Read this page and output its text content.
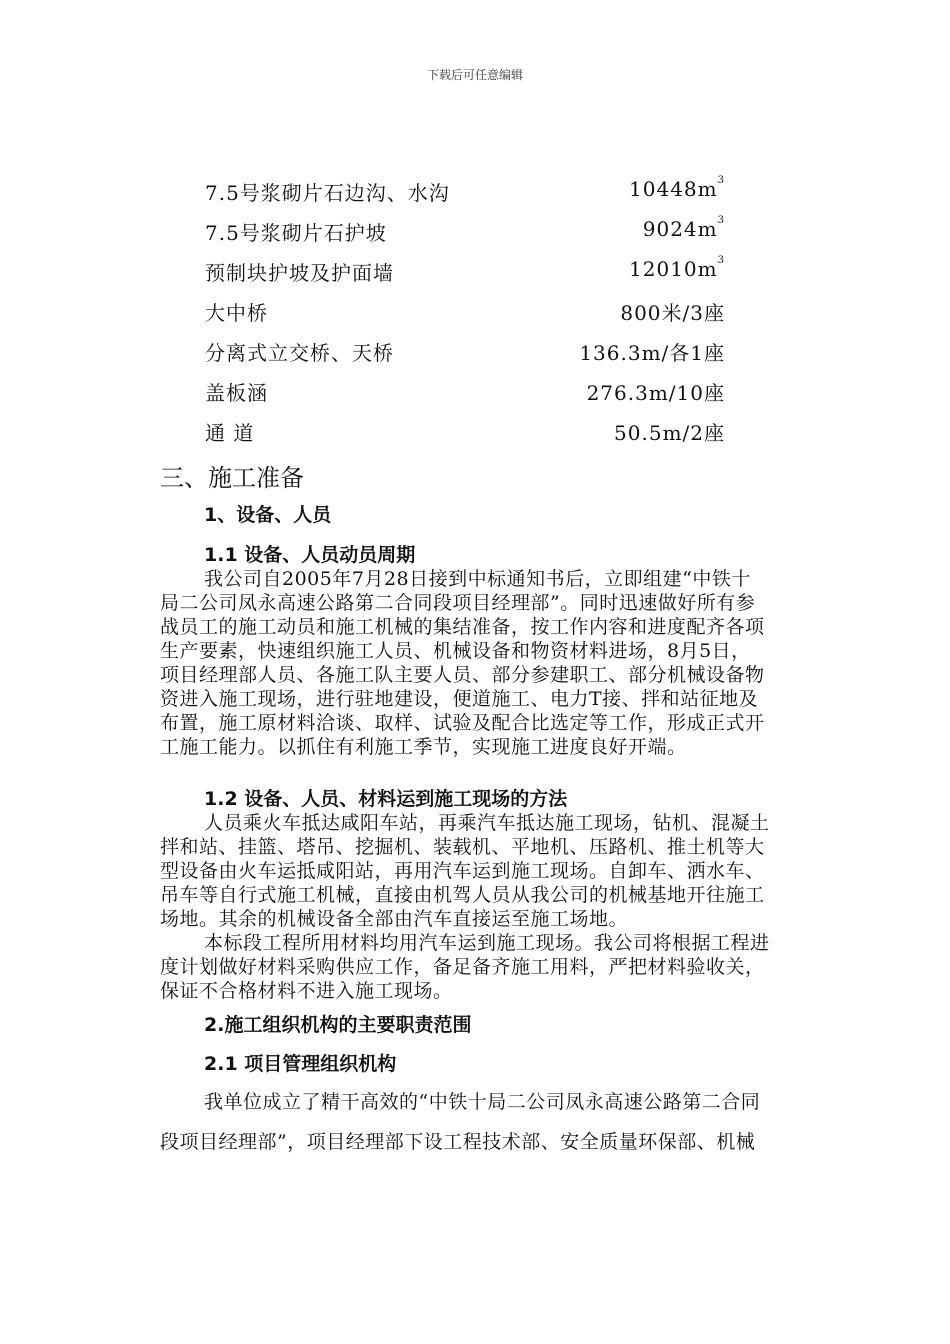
下载后可任意编辑
7.5号浆砌片石边沟、水沟	$10448m^3$
7.5号浆砌片石护坡	$9024m^3$
预制块护坡及护面墙	$12010m^3$
大中桥	800米/3座
分离式立交桥、天桥	136.3m/各1座
盖板涵	276.3m/10座
通 道	50.5m/2座
三、施工准备
1、设备、人员
1.1 设备、人员动员周期
我公司自2005年7月28日接到中标通知书后，立即组建“中铁十
局二公司凤永高速公路第二合同段项目经理部”。同时迅速做好所有参
战员工的施工动员和施工机械的集结准备，按工作内容和进度配齐各项
生产要素，快速组织施工人员、机械设备和物资材料进场，8月5日，
项目经理部人员、各施工队主要人员、部分参建职工、部分机械设备物
资进入施工现场，进行驻地建设，便道施工、电力T接、拌和站征地及
布置，施工原材料洽谈、取样、试验及配合比选定等工作，形成正式开
工施工能力。以抓住有利施工季节，实现施工进度良好开端。
1.2 设备、人员、材料运到施工现场的方法
人员乘火车抵达咸阳车站，再乘汽车抵达施工现场，钻机、混凝土
拌和站、挂篮、塔吊、挖掘机、装载机、平地机、压路机、推土机等大
型设备由火车运抵咸阳站，再用汽车运到施工现场。自卸车、洒水车、
吊车等自行式施工机械，直接由机驾人员从我公司的机械基地开往施工
场地。其余的机械设备全部由汽车直接运至施工场地。
本标段工程所用材料均用汽车运到施工现场。我公司将根据工程进
度计划做好材料采购供应工作，备足备齐施工用料，严把材料验收关，
保证不合格材料不进入施工现场。
2.施工组织机构的主要职责范围
2.1 项目管理组织机构
我单位成立了精干高效的“中铁十局二公司凤永高速公路第二合同
段项目经理部”，项目经理部下设工程技术部、安全质量环保部、机械
